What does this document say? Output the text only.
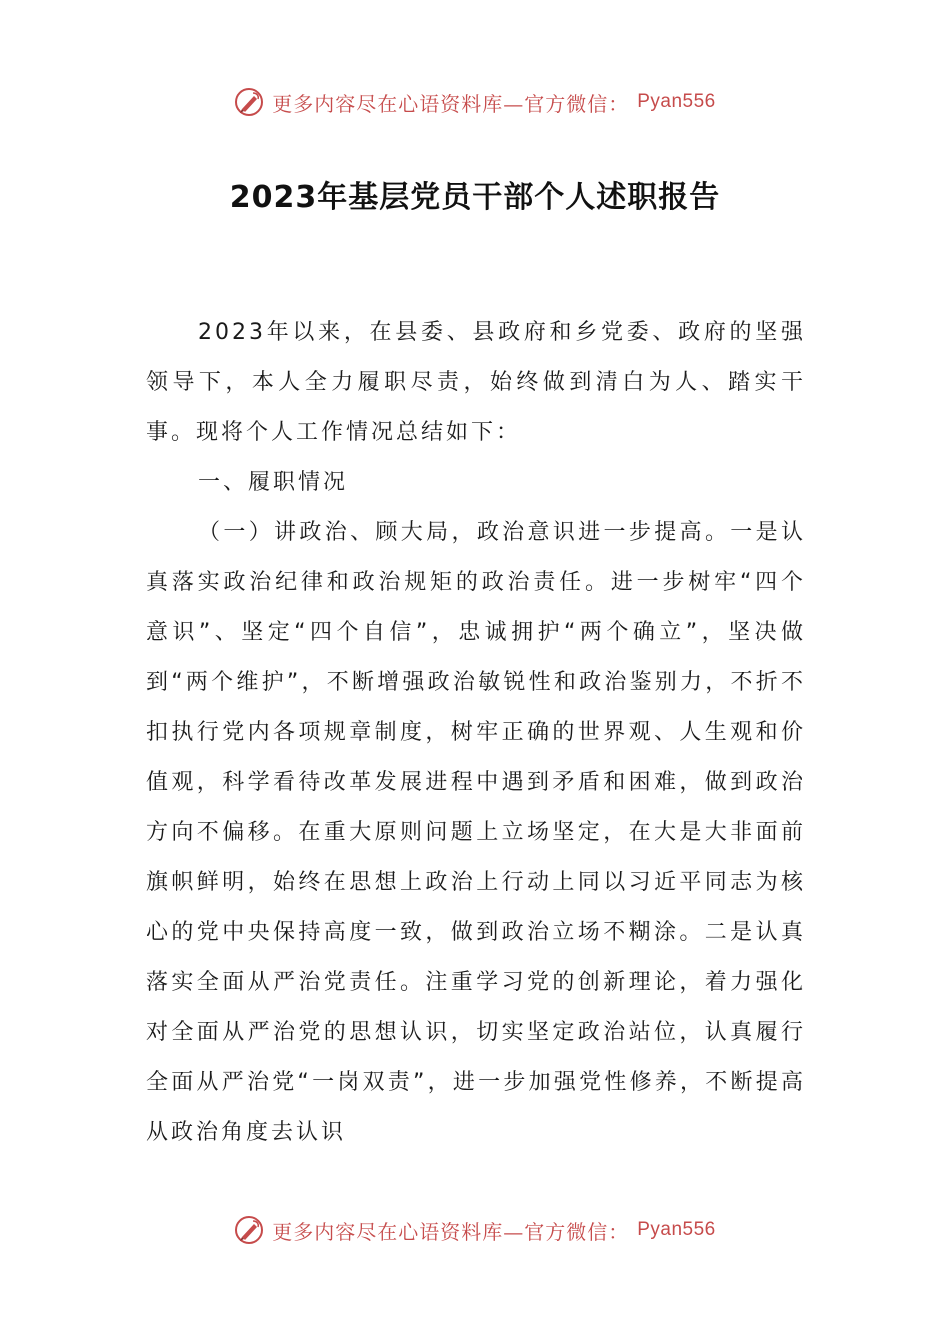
更多内容尽在心语资料库—官方微信： Pyan556
2023年基层党员干部个人述职报告

2023年以来，在县委、县政府和乡党委、政府的坚强领导下，本人全力履职尽责，始终做到清白为人、踏实干事。现将个人工作情况总结如下：

一、履职情况

（一）讲政治、顾大局，政治意识进一步提高。一是认真落实政治纪律和政治规矩的政治责任。进一步树牢“四个意识”、坚定“四个自信”，忠诚拥护“两个确立”，坚决做到“两个维护”，不断增强政治敏锐性和政治鉴别力，不折不扣执行党内各项规章制度，树牢正确的世界观、人生观和价值观，科学看待改革发展进程中遇到矛盾和困难，做到政治方向不偏移。在重大原则问题上立场坚定，在大是大非面前旗帜鲜明，始终在思想上政治上行动上同以习近平同志为核心的党中央保持高度一致，做到政治立场不糊涂。二是认真落实全面从严治党责任。注重学习党的创新理论，着力强化对全面从严治党的思想认识，切实坚定政治站位，认真履行全面从严治党“一岗双责”，进一步加强党性修养，不断提高从政治角度去认识

更多内容尽在心语资料库—官方微信： Pyan556
